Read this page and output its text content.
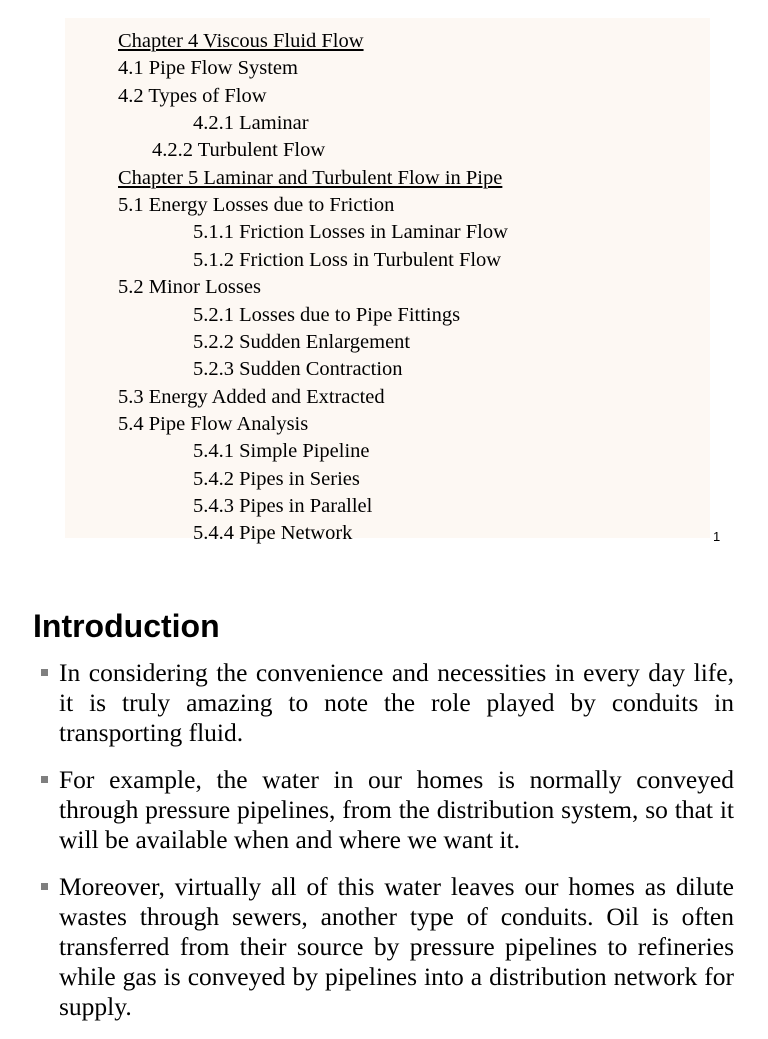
Chapter 4 Viscous Fluid Flow
4.1 Pipe Flow System
4.2 Types of Flow
4.2.1 Laminar
4.2.2 Turbulent Flow
Chapter 5 Laminar and Turbulent Flow in Pipe
5.1 Energy Losses due to Friction
5.1.1 Friction Losses in Laminar Flow
5.1.2 Friction Loss in Turbulent Flow
5.2 Minor Losses
5.2.1 Losses due to Pipe Fittings
5.2.2 Sudden Enlargement
5.2.3 Sudden Contraction
5.3 Energy Added and Extracted
5.4 Pipe Flow Analysis
5.4.1 Simple Pipeline
5.4.2 Pipes in Series
5.4.3 Pipes in Parallel
5.4.4 Pipe Network	1
Introduction
In considering the convenience and necessities in every day life, it is truly amazing to note the role played by conduits in transporting fluid.
For example, the water in our homes is normally conveyed through pressure pipelines, from the distribution system, so that it will be available when and where we want it.
Moreover, virtually all of this water leaves our homes as dilute wastes through sewers, another type of conduits. Oil is often transferred from their source by pressure pipelines to refineries while gas is conveyed by pipelines into a distribution network for supply.
